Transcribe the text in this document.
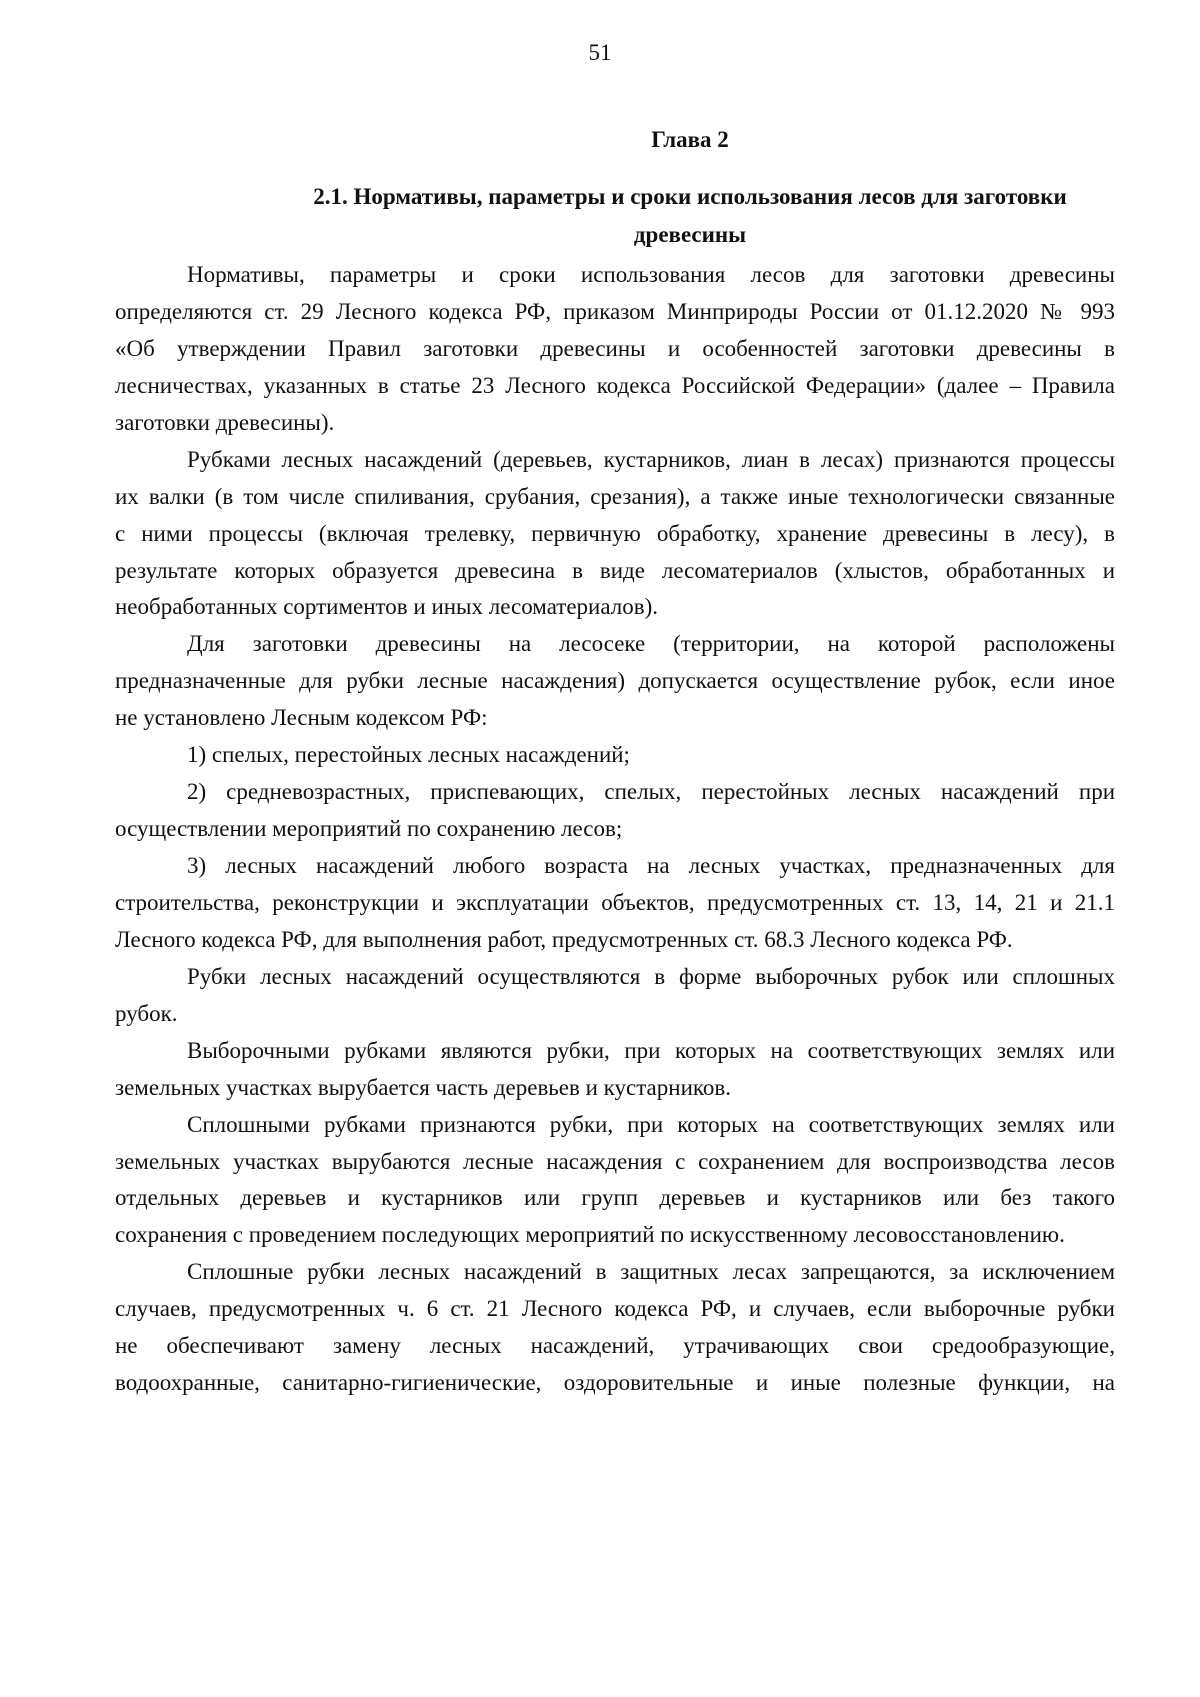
51
Глава 2
2.1. Нормативы, параметры и сроки использования лесов для заготовки
древесины
Нормативы, параметры и сроки использования лесов для заготовки древесины
определяются ст. 29 Лесного кодекса РФ, приказом Минприроды России от 01.12.2020 № 993
«Об утверждении Правил заготовки древесины и особенностей заготовки древесины в
лесничествах, указанных в статье 23 Лесного кодекса Российской Федерации» (далее – Правила
заготовки древесины).
Рубками лесных насаждений (деревьев, кустарников, лиан в лесах) признаются процессы
их валки (в том числе спиливания, срубания, срезания), а также иные технологически связанные
с ними процессы (включая трелевку, первичную обработку, хранение древесины в лесу), в
результате которых образуется древесина в виде лесоматериалов (хлыстов, обработанных и
необработанных сортиментов и иных лесоматериалов).
Для заготовки древесины на лесосеке (территории, на которой расположены
предназначенные для рубки лесные насаждения) допускается осуществление рубок, если иное
не установлено Лесным кодексом РФ:
1) спелых, перестойных лесных насаждений;
2) средневозрастных, приспевающих, спелых, перестойных лесных насаждений при
осуществлении мероприятий по сохранению лесов;
3) лесных насаждений любого возраста на лесных участках, предназначенных для
строительства, реконструкции и эксплуатации объектов, предусмотренных ст. 13, 14, 21 и 21.1
Лесного кодекса РФ, для выполнения работ, предусмотренных ст. 68.3 Лесного кодекса РФ.
Рубки лесных насаждений осуществляются в форме выборочных рубок или сплошных
рубок.
Выборочными рубками являются рубки, при которых на соответствующих землях или
земельных участках вырубается часть деревьев и кустарников.
Сплошными рубками признаются рубки, при которых на соответствующих землях или
земельных участках вырубаются лесные насаждения с сохранением для воспроизводства лесов
отдельных деревьев и кустарников или групп деревьев и кустарников или без такого
сохранения с проведением последующих мероприятий по искусственному лесовосстановлению.
Сплошные рубки лесных насаждений в защитных лесах запрещаются, за исключением
случаев, предусмотренных ч. 6 ст. 21 Лесного кодекса РФ, и случаев, если выборочные рубки
не обеспечивают замену лесных насаждений, утрачивающих свои средообразующие,
водоохранные, санитарно-гигиенические, оздоровительные и иные полезные функции, на
